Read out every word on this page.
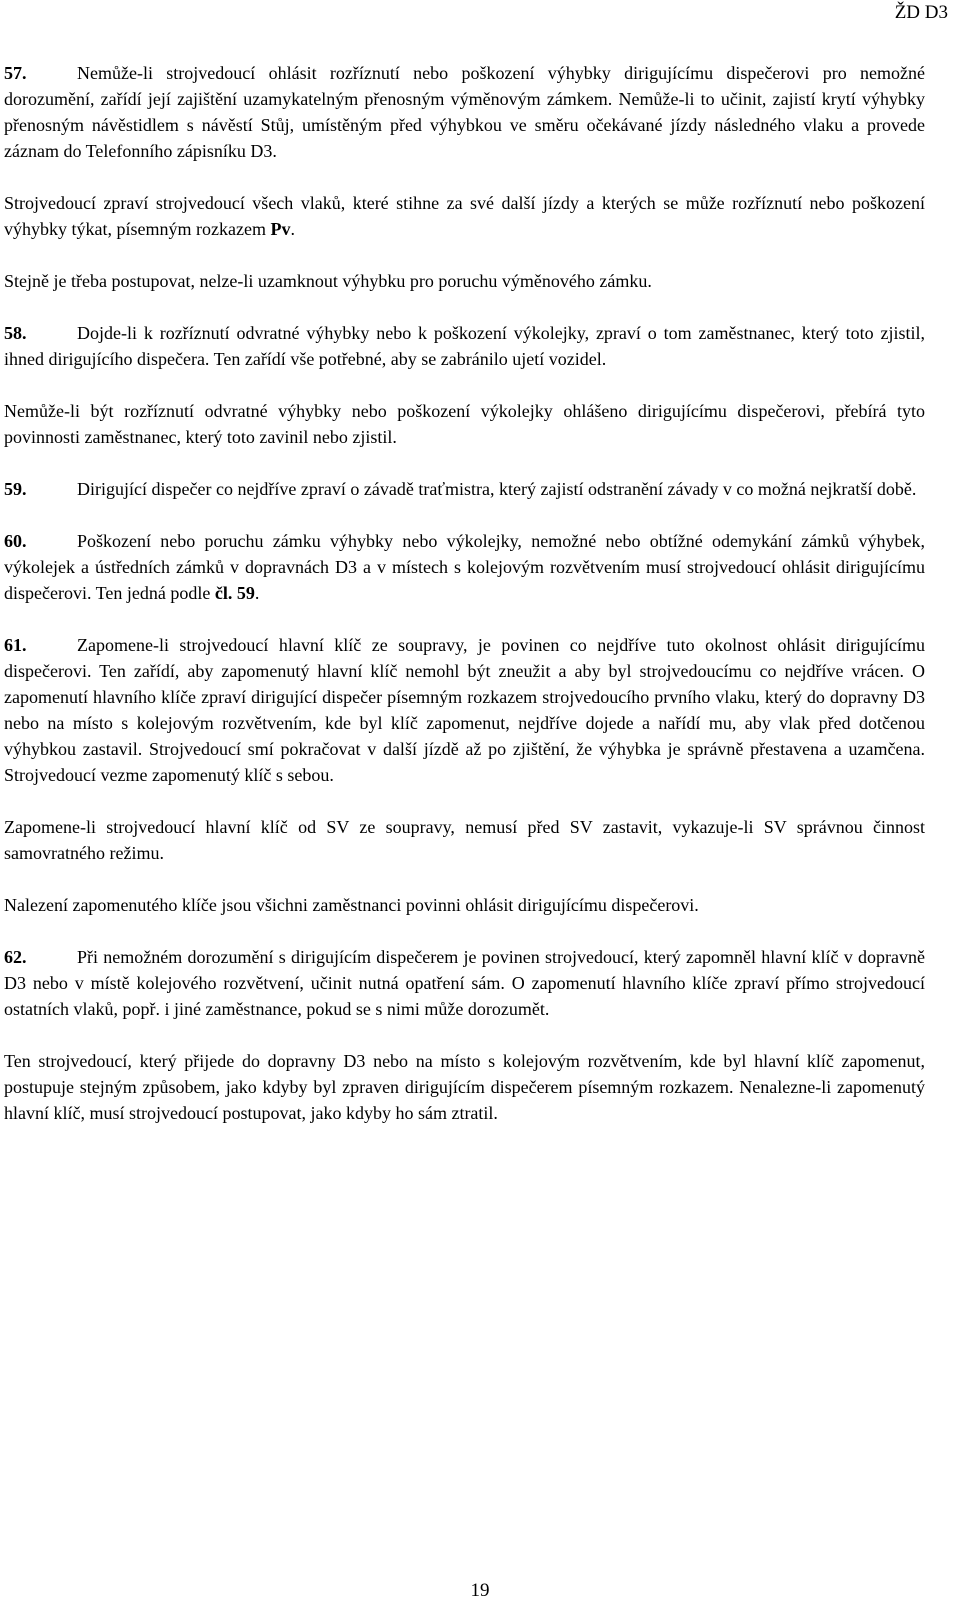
ŽD D3

57.	Nemůže-li strojvedoucí ohlásit rozříznutí nebo poškození výhybky dirigujícímu dispečerovi pro nemožné dorozumění, zařídí její zajištění uzamykatelným přenosným výměnovým zámkem. Nemůže-li to učinit, zajistí krytí výhybky přenosným návěstidlem s návěstí Stůj, umístěným před výhybkou ve směru očekávané jízdy následného vlaku a provede záznam do Telefonního zápisníku D3.

Strojvedoucí zpraví strojvedoucí všech vlaků, které stihne za své další jízdy a kterých se může rozříznutí nebo poškození výhybky týkat, písemným rozkazem Pv.

Stejně je třeba postupovat, nelze-li uzamknout výhybku pro poruchu výměnového zámku.

58.	Dojde-li k rozříznutí odvratné výhybky nebo k poškození výkolejky, zpraví o tom zaměstnanec, který toto zjistil, ihned dirigujícího dispečera. Ten zařídí vše potřebné, aby se zabránilo ujetí vozidel.

Nemůže-li být rozříznutí odvratné výhybky nebo poškození výkolejky ohlášeno dirigujícímu dispečerovi, přebírá tyto povinnosti zaměstnanec, který toto zavinil nebo zjistil.

59.	Dirigující dispečer co nejdříve zpraví o závadě traťmistra, který zajistí odstranění závady v co možná nejkratší době.

60.	Poškození nebo poruchu zámku výhybky nebo výkolejky, nemožné nebo obtížné odemykání zámků výhybek, výkolejek a ústředních zámků v dopravnách D3 a v místech s kolejovým rozvětvením musí strojvedoucí ohlásit dirigujícímu dispečerovi. Ten jedná podle čl. 59.

61.	Zapomene-li strojvedoucí hlavní klíč ze soupravy, je povinen co nejdříve tuto okolnost ohlásit dirigujícímu dispečerovi. Ten zařídí, aby zapomenutý hlavní klíč nemohl být zneužit a aby byl strojvedoucímu co nejdříve vrácen. O zapomenutí hlavního klíče zpraví dirigující dispečer písemným rozkazem strojvedoucího prvního vlaku, který do dopravny D3 nebo na místo s kolejovým rozvětvením, kde byl klíč zapomenut, nejdříve dojede a nařídí mu, aby vlak před dotčenou výhybkou zastavil. Strojvedoucí smí pokračovat v další jízdě až po zjištění, že výhybka je správně přestavena a uzamčena. Strojvedoucí vezme zapomenutý klíč s sebou.

Zapomene-li strojvedoucí hlavní klíč od SV ze soupravy, nemusí před SV zastavit, vykazuje-li SV správnou činnost samovratného režimu.

Nalezení zapomenutého klíče jsou všichni zaměstnanci povinni ohlásit dirigujícímu dispečerovi.

62.	Při nemožném dorozumění s dirigujícím dispečerem je povinen strojvedoucí, který zapomněl hlavní klíč v dopravně D3 nebo v místě kolejového rozvětvení, učinit nutná opatření sám. O zapomenutí hlavního klíče zpraví přímo strojvedoucí ostatních vlaků, popř. i jiné zaměstnance, pokud se s nimi může dorozumět.

Ten strojvedoucí, který přijede do dopravny D3 nebo na místo s kolejovým rozvětvením, kde byl hlavní klíč zapomenut, postupuje stejným způsobem, jako kdyby byl zpraven dirigujícím dispečerem písemným rozkazem. Nenalezne-li zapomenutý hlavní klíč, musí strojvedoucí postupovat, jako kdyby ho sám ztratil.

19
